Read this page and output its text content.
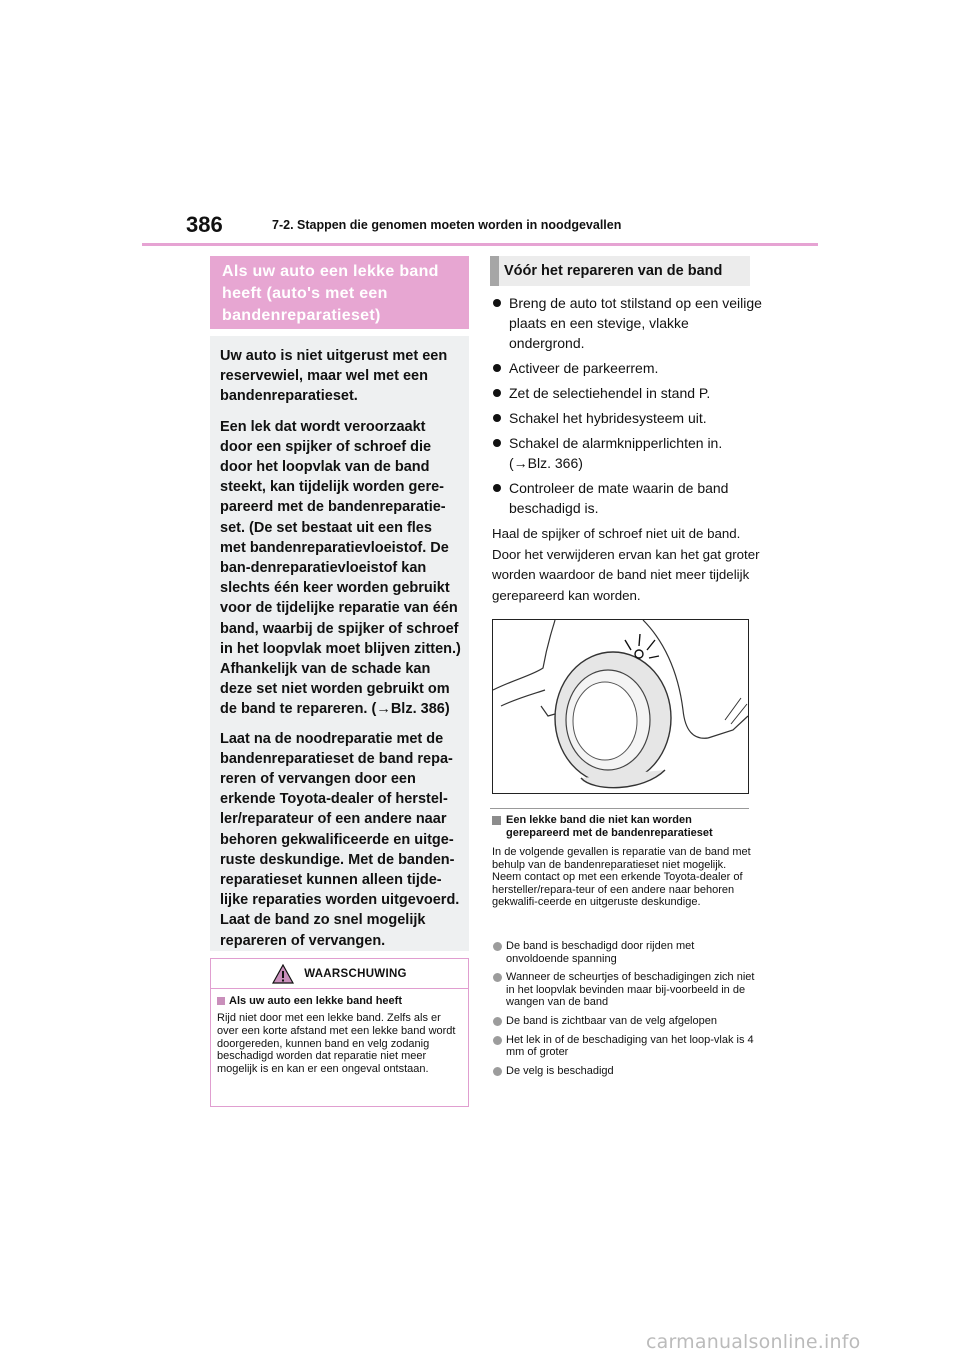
386	7-2. Stappen die genomen moeten worden in noodgevallen
Als uw auto een lekke band heeft (auto's met een bandenreparatieset)

Uw auto is niet uitgerust met een reservewiel, maar wel met een bandenreparatieset.

Een lek dat wordt veroorzaakt door een spijker of schroef die door het loopvlak van de band steekt, kan tijdelijk worden gere-pareerd met de bandenreparatie-set. (De set bestaat uit een fles met bandenreparatievloeistof. De ban-denreparatievloeistof kan slechts één keer worden gebruikt voor de tijdelijke reparatie van één band, waarbij de spijker of schroef in het loopvlak moet blijven zitten.) Afhankelijk van de schade kan deze set niet worden gebruikt om de band te repareren. (→Blz. 386)

Laat na de noodreparatie met de bandenreparatieset de band repa-reren of vervangen door een erkende Toyota-dealer of herstel-ler/reparateur of een andere naar behoren gekwalificeerde en uitge-ruste deskundige. Met de banden-reparatieset kunnen alleen tijde-lijke reparaties worden uitgevoerd. Laat de band zo snel mogelijk repareren of vervangen.

WAARSCHUWING
Als uw auto een lekke band heeft
Rijd niet door met een lekke band. Zelfs als er over een korte afstand met een lekke band wordt doorgereden, kunnen band en velg zodanig beschadigd worden dat reparatie niet meer mogelijk is en kan er een ongeval ontstaan.
Vóór het repareren van de band
Breng de auto tot stilstand op een veilige plaats en een stevige, vlakke ondergrond.
Activeer de parkeerrem.
Zet de selectiehendel in stand P.
Schakel het hybridesysteem uit.
Schakel de alarmknipperlichten in. (→Blz. 366)
Controleer de mate waarin de band beschadigd is.
Haal de spijker of schroef niet uit de band. Door het verwijderen ervan kan het gat groter worden waardoor de band niet meer tijdelijk gerepareerd kan worden.
Een lekke band die niet kan worden gerepareerd met de bandenreparatieset
In de volgende gevallen is reparatie van de band met behulp van de bandenreparatieset niet mogelijk. Neem contact op met een erkende Toyota-dealer of hersteller/repara-teur of een andere naar behoren gekwalifi-ceerde en uitgeruste deskundige.
De band is beschadigd door rijden met onvoldoende spanning
Wanneer de scheurtjes of beschadigingen zich niet in het loopvlak bevinden maar bij-voorbeeld in de wangen van de band
De band is zichtbaar van de velg afgelopen
Het lek in of de beschadiging van het loop-vlak is 4 mm of groter
De velg is beschadigd
carmanualsonline.info
